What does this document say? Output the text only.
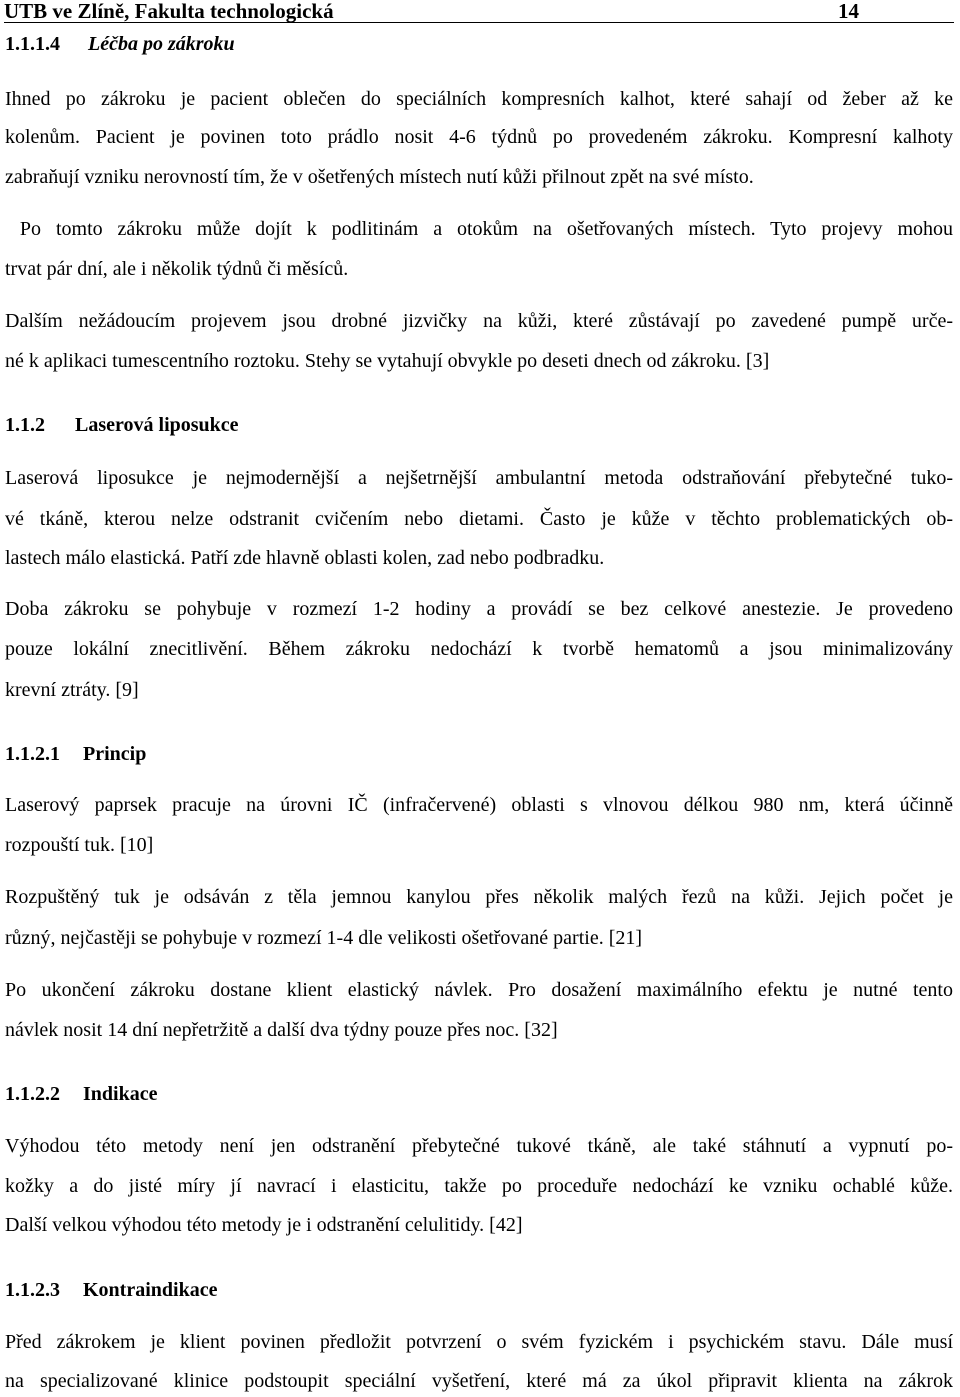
UTB ve Zlíně, Fakulta technologická	14
1.1.1.4 Léčba po zákroku
Ihned po zákroku je pacient oblečen do speciálních kompresních kalhot, které sahají od žeber až ke
kolenům. Pacient je povinen toto prádlo nosit 4-6 týdnů po provedeném zákroku. Kompresní kalhoty
zabraňují vzniku nerovností tím, že v ošetřených místech nutí kůži přilnout zpět na své místo.
Po tomto zákroku může dojít k podlitinám a otokům na ošetřovaných místech. Tyto projevy mohou
trvat pár dní, ale i několik týdnů či měsíců.
Dalším nežádoucím projevem jsou drobné jizvičky na kůži, které zůstávají po zavedené pumpě urče-
né k aplikaci tumescentního roztoku. Stehy se vytahují obvykle po deseti dnech od zákroku. [3]
1.1.2 Laserová liposukce
Laserová liposukce je nejmodernější a nejšetrnější ambulantní metoda odstraňování přebytečné tuko-
vé tkáně, kterou nelze odstranit cvičením nebo dietami. Často je kůže v těchto problematických ob-
lastech málo elastická. Patří zde hlavně oblasti kolen, zad nebo podbradku.
Doba zákroku se pohybuje v rozmezí 1-2 hodiny a provádí se bez celkové anestezie. Je provedeno
pouze lokální znecitlivění. Během zákroku nedochází k tvorbě hematomů a jsou minimalizovány
krevní ztráty. [9]
1.1.2.1 Princip
Laserový paprsek pracuje na úrovni IČ (infračervené) oblasti s vlnovou délkou 980 nm, která účinně
rozpouští tuk. [10]
Rozpuštěný tuk je odsáván z těla jemnou kanylou přes několik malých řezů na kůži. Jejich počet je
různý, nejčastěji se pohybuje v rozmezí 1-4 dle velikosti ošetřované partie. [21]
Po ukončení zákroku dostane klient elastický návlek. Pro dosažení maximálního efektu je nutné tento
návlek nosit 14 dní nepřetržitě a další dva týdny pouze přes noc. [32]
1.1.2.2 Indikace
Výhodou této metody není jen odstranění přebytečné tukové tkáně, ale také stáhnutí a vypnutí po-
kožky a do jisté míry jí navrací i elasticitu, takže po proceduře nedochází ke vzniku ochablé kůže.
Další velkou výhodou této metody je i odstranění celulitidy. [42]
1.1.2.3 Kontraindikace
Před zákrokem je klient povinen předložit potvrzení o svém fyzickém i psychickém stavu. Dále musí
na specializované klinice podstoupit speciální vyšetření, které má za úkol připravit klienta na zákrok
